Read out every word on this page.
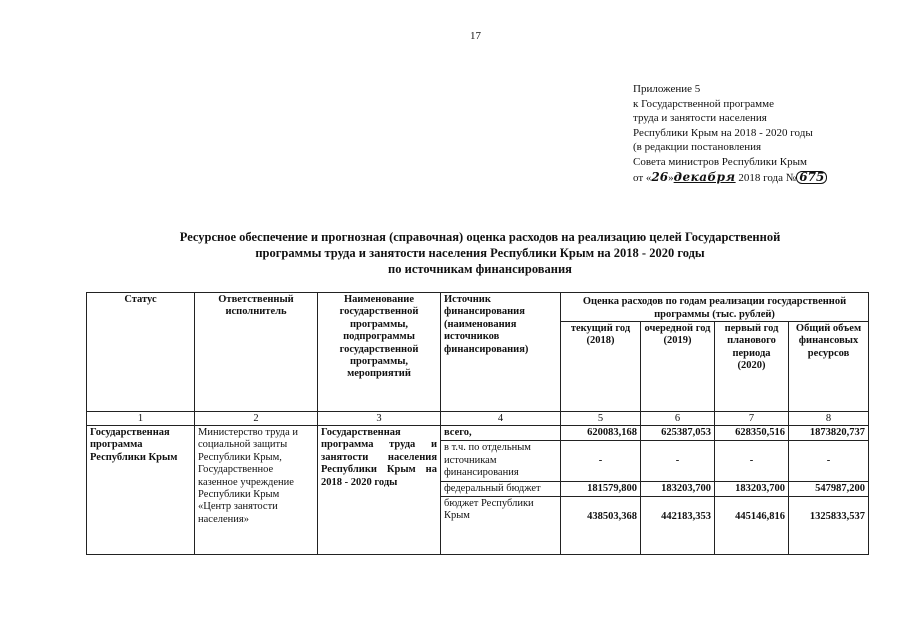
17
Приложение 5
к Государственной программе
труда и занятости населения
Республики Крым на 2018 - 2020 годы
(в редакции постановления
Совета министров Республики Крым
от «26»декабря 2018 года № 675
Ресурсное обеспечение и прогнозная (справочная) оценка расходов на реализацию целей Государственной
программы труда и занятости населения Республики Крым на 2018 - 2020 годы
по источникам финансирования
Статус	Ответственный исполнитель	Наименование государственной программы, подпрограммы государственной программы, мероприятий	Источник финансирования (наименования источников финансирования)	Оценка расходов по годам реализации государственной программы (тыс. рублей)			
				текущий год (2018)	очередной год (2019)	первый год планового периода (2020)	Общий объем финансовых ресурсов
1	2	3	4	5	6	7	8
Государственная программа Республики Крым	Министерство труда и социальной защиты Республики Крым, Государственное казенное учреждение Республики Крым «Центр занятости населения»	Государственная программа труда и занятости населения Республики Крым на 2018 - 2020 годы	всего,	620083,168	625387,053	628350,516	1873820,737
			в т.ч. по отдельным источникам финансирования	-	-	-	-
			федеральный бюджет	181579,800	183203,700	183203,700	547987,200
			бюджет Республики Крым	438503,368	442183,353	445146,816	1325833,537
